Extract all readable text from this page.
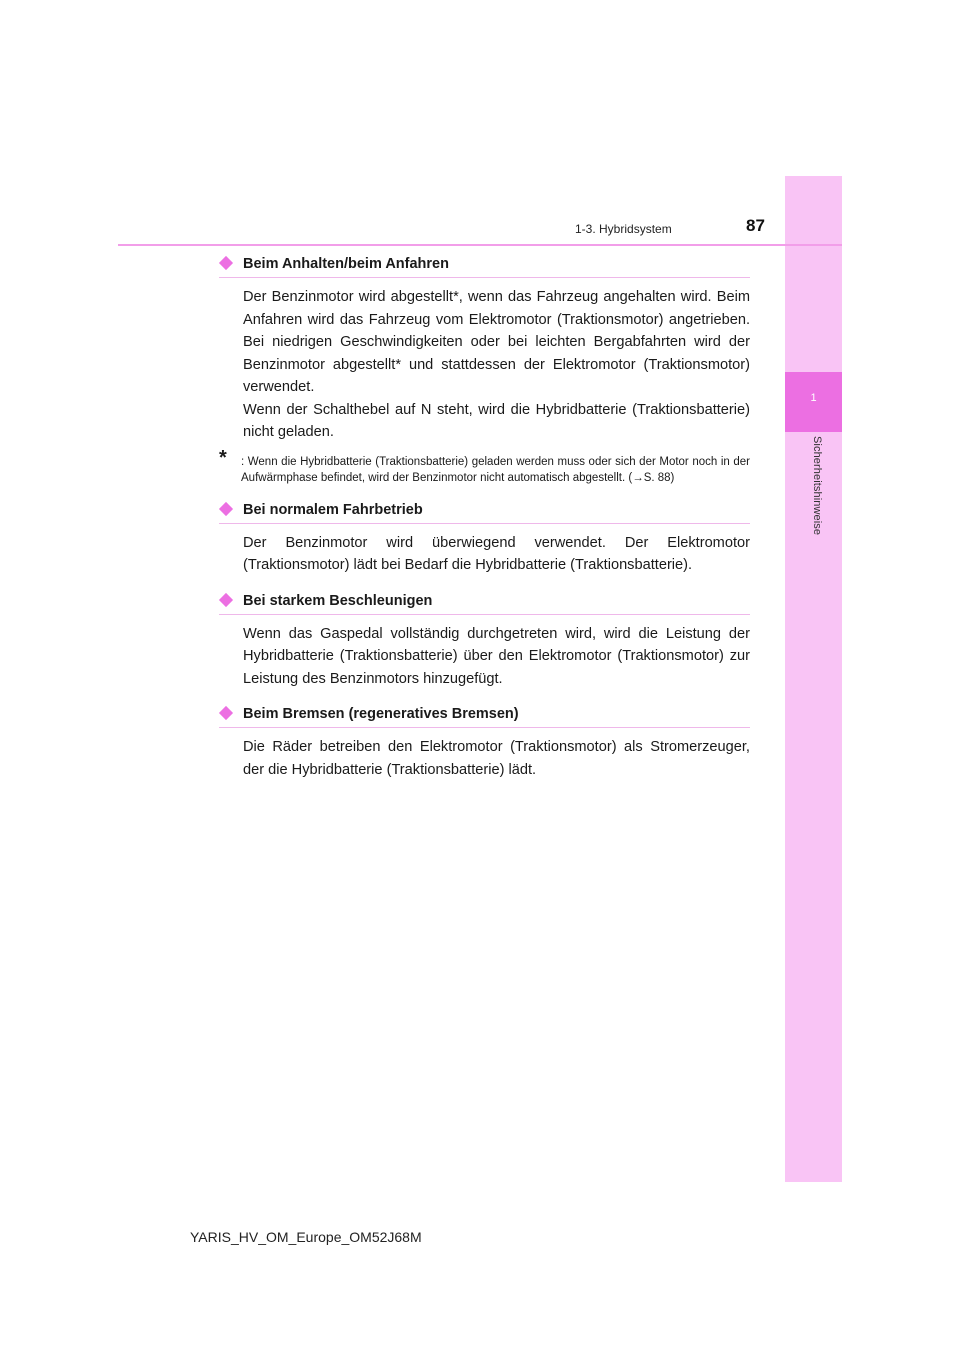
1
Sicherheitshinweise
1-3. Hybridsystem	87
Beim Anhalten/beim Anfahren

Der Benzinmotor wird abgestellt*, wenn das Fahrzeug angehalten wird. Beim Anfahren wird das Fahrzeug vom Elektromotor (Traktionsmotor) angetrieben. Bei niedrigen Geschwindigkeiten oder bei leichten Bergabfahrten wird der Benzinmotor abgestellt* und stattdessen der Elektromotor (Traktionsmotor) verwendet.

Wenn der Schalthebel auf N steht, wird die Hybridbatterie (Traktionsbatterie) nicht geladen.

* : Wenn die Hybridbatterie (Traktionsbatterie) geladen werden muss oder sich der Motor noch in der Aufwärmphase befindet, wird der Benzinmotor nicht automatisch abgestellt. (→S. 88)
Bei normalem Fahrbetrieb

Der Benzinmotor wird überwiegend verwendet. Der Elektromotor (Traktionsmotor) lädt bei Bedarf die Hybridbatterie (Traktionsbatterie).

Bei starkem Beschleunigen

Wenn das Gaspedal vollständig durchgetreten wird, wird die Leistung der Hybridbatterie (Traktionsbatterie) über den Elektromotor (Traktionsmotor) zur Leistung des Benzinmotors hinzugefügt.

Beim Bremsen (regeneratives Bremsen)

Die Räder betreiben den Elektromotor (Traktionsmotor) als Stromerzeuger, der die Hybridbatterie (Traktionsbatterie) lädt.

YARIS_HV_OM_Europe_OM52J68M
